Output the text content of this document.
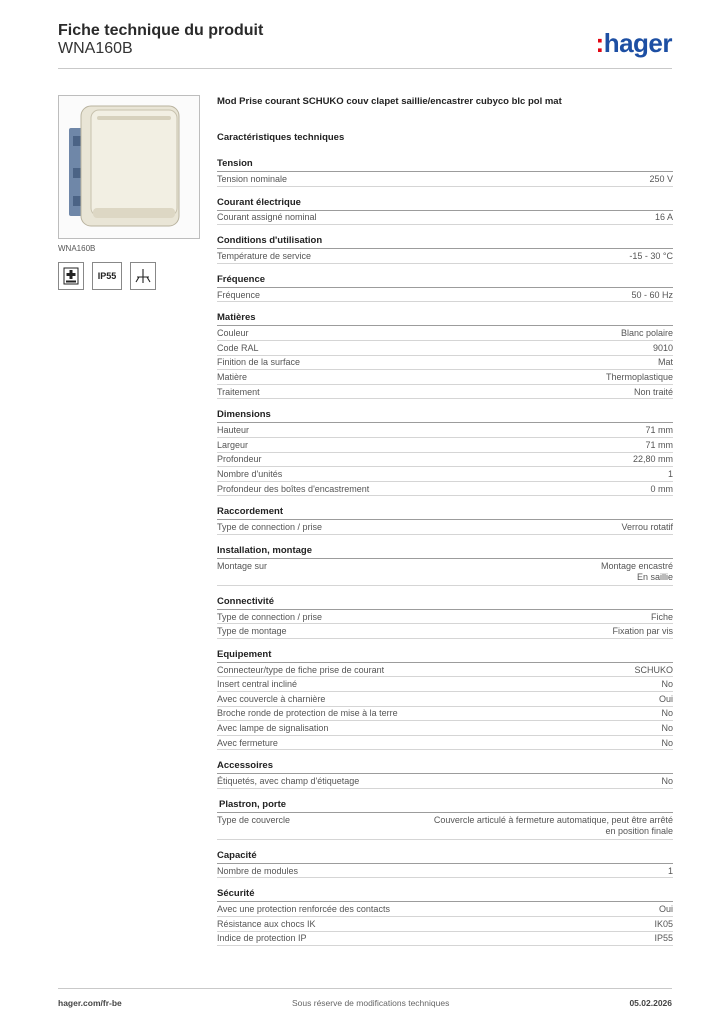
Fiche technique du produit
WNA160B	:hager
WNA160B
IP55
Mod Prise courant SCHUKO couv clapet saillie/encastrer cubyco blc pol mat
Caractéristiques techniques
Tension
Tension nominale	250 V
Courant électrique
Courant assigné nominal	16 A
Conditions d'utilisation
Température de service	-15 - 30 °C
Fréquence
Fréquence	50 - 60 Hz
Matières
Couleur	Blanc polaire
Code RAL	9010
Finition de la surface	Mat
Matière	Thermoplastique
Traitement	Non traité
Dimensions
Hauteur	71 mm
Largeur	71 mm
Profondeur	22,80 mm
Nombre d'unités	1
Profondeur des boîtes d'encastrement	0 mm
Raccordement
Type de connection / prise	Verrou rotatif
Installation, montage
Montage sur	Montage encastré
En saillie
Connectivité
Type de connection / prise	Fiche
Type de montage	Fixation par vis
Equipement
Connecteur/type de fiche prise de courant	SCHUKO
Insert central incliné	No
Avec couvercle à charnière	Oui
Broche ronde de protection de mise à la terre	No
Avec lampe de signalisation	No
Avec fermeture	No
Accessoires
Étiquetés, avec champ d'étiquetage	No
Plastron, porte
Type de couvercle	Couvercle articulé à fermeture automatique, peut être arrêté
en position finale
Capacité
Nombre de modules	1
Sécurité
Avec une protection renforcée des contacts	Oui
Résistance aux chocs IK	IK05
Indice de protection IP	IP55
hager.com/fr-be	Sous réserve de modifications techniques	05.02.2026
